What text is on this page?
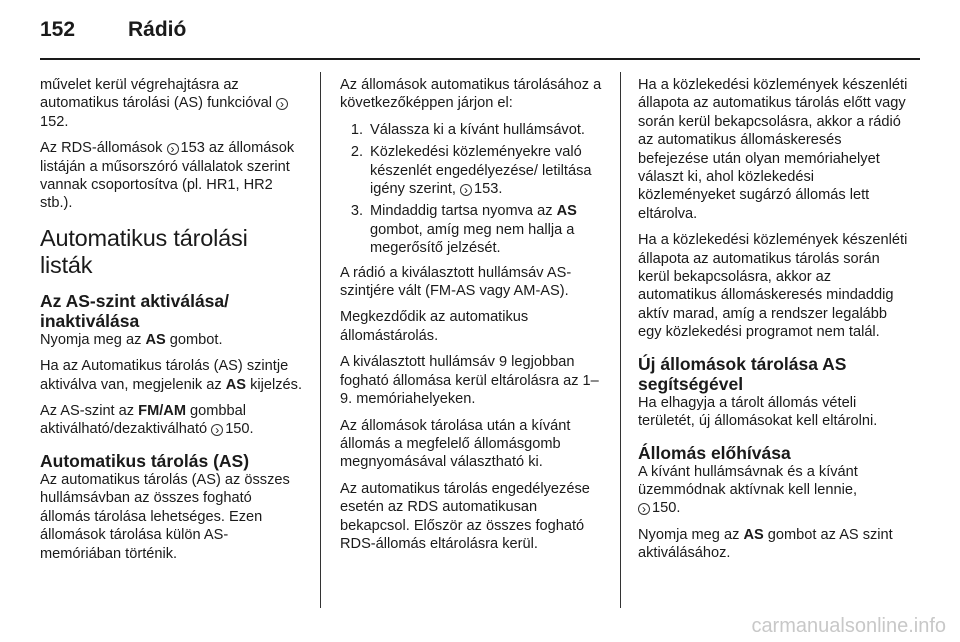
152	Rádió

művelet kerül végrehajtásra az automatikus tárolási (AS) funkcióval ›152.

Az RDS-állomások › 153 az állomások listáján a műsorszóró vállalatok szerint vannak csoportosítva (pl. HR1, HR2 stb.).

Automatikus tárolási listák
Az AS-szint aktiválása/ inaktiválása

Nyomja meg az AS gombot.

Ha az Automatikus tárolás (AS) szintje aktiválva van, megjelenik az AS kijelzés.

Az AS-szint az FM/AM gombbal aktiválható/dezaktiválható › 150.

Automatikus tárolás (AS)

Az automatikus tárolás (AS) az összes hullámsávban az összes fogható állomás tárolása lehetséges. Ezen állomások tárolása külön AS-memóriában történik.

Az állomások automatikus tárolásához a következőképpen járjon el:

1. Válassza ki a kívánt hullámsávot.
2. Közlekedési közleményekre való készenlét engedélyezése/ letiltása igény szerint, › 153.
3. Mindaddig tartsa nyomva az AS gombot, amíg meg nem hallja a megerősítő jelzését.

A rádió a kiválasztott hullámsáv AS-szintjére vált (FM-AS vagy AM-AS).

Megkezdődik az automatikus állomástárolás.

A kiválasztott hullámsáv 9 legjobban fogható állomása kerül eltárolásra az 1–9. memóriahelyeken.

Az állomások tárolása után a kívánt állomás a megfelelő állomásgomb megnyomásával választható ki.

Az automatikus tárolás engedélyezése esetén az RDS automatikusan bekapcsol. Először az összes fogható RDS-állomás eltárolásra kerül.

Ha a közlekedési közlemények készenléti állapota az automatikus tárolás előtt vagy során kerül bekapcsolásra, akkor a rádió az automatikus állomáskeresés befejezése után olyan memóriahelyet választ ki, ahol közlekedési közleményeket sugárzó állomás lett eltárolva.

Ha a közlekedési közlemények készenléti állapota az automatikus tárolás során kerül bekapcsolásra, akkor az automatikus állomáskeresés mindaddig aktív marad, amíg a rendszer legalább egy közlekedési programot nem talál.

Új állomások tárolása AS segítségével

Ha elhagyja a tárolt állomás vételi területét, új állomásokat kell eltárolni.

Állomás előhívása

A kívánt hullámsávnak és a kívánt üzemmódnak aktívnak kell lennie,
› 150.

Nyomja meg az AS gombot az AS szint aktiválásához.

carmanualsonline.info
